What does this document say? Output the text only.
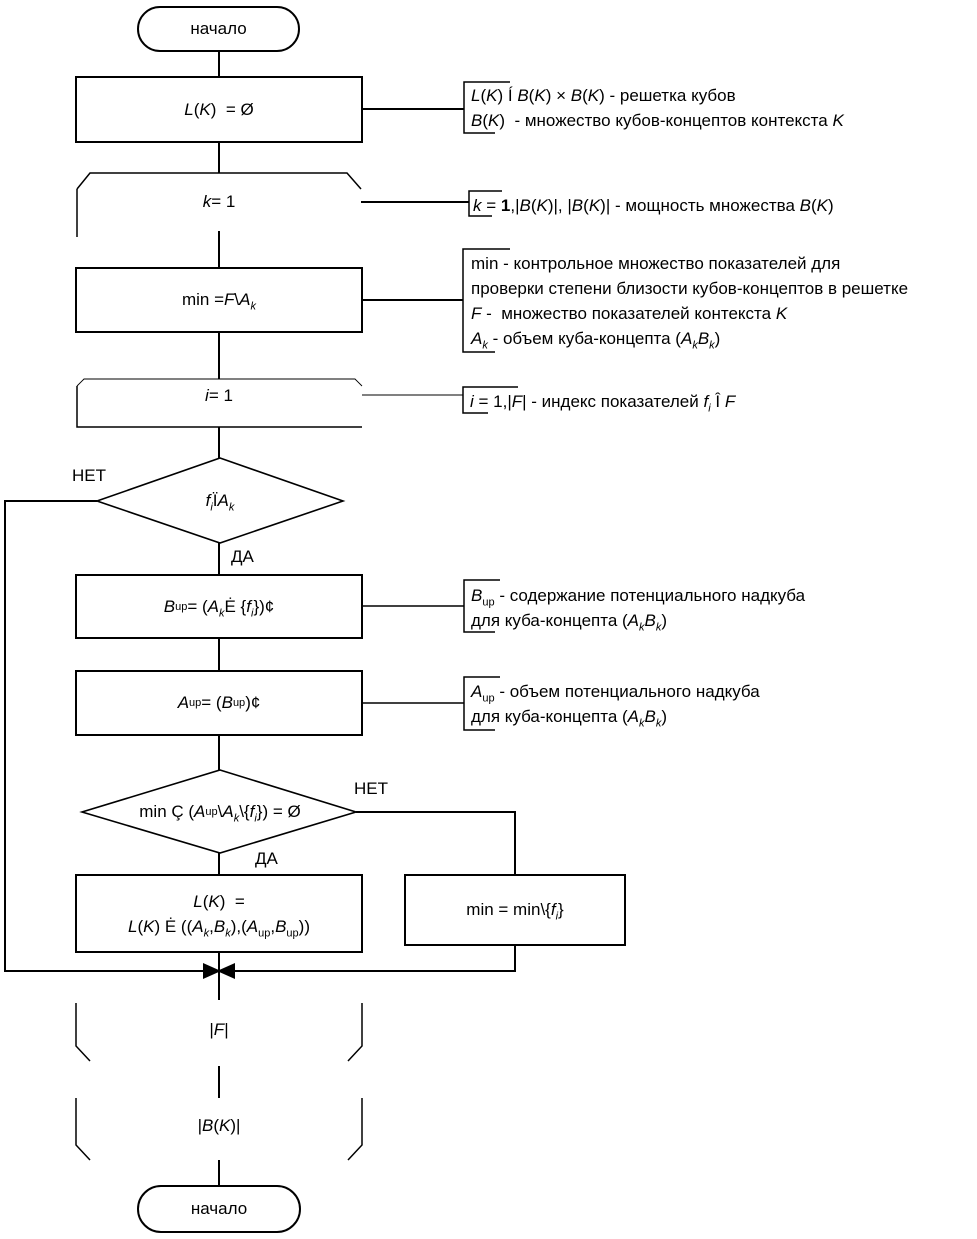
начало
L ( K )  = Ø
k = 1
min = F \ $A_k$
i = 1
$f_i$ Ï $A_k$
B up = ( $A_k$ Ė { $f_i$ })¢
A up = ( B up )¢
min Ç ( A up \ $A_k$ \{ $f_i$ }) = Ø
L(K)  =
L(K) Ė $((A_k,B_k),(A_{up},B_{up}))$
min = min\{ $f_i$ }
| F |
| B ( K )|
начало
НЕТ
ДА
НЕТ
ДА
L(K) Í B(K) × B(K) - решетка кубов
B(K)  - множество кубов-концептов контекста K
k = 1,|B(K)|, |B(K)| - мощность множества B(K)
min - контрольное множество показателей для
проверки степени близости кубов-концептов в решетке
F -  множество показателей контекста K
$A_k$ - объем куба-концепта $(A_kB_k)$
i = 1,|F| - индекс показателей $f_i$ Î F
$B_{up}$ - содержание потенциального надкуба
для куба-концепта $(A_kB_k)$
$A_{up}$ - объем потенциального надкуба
для куба-концепта $(A_kB_k)$
